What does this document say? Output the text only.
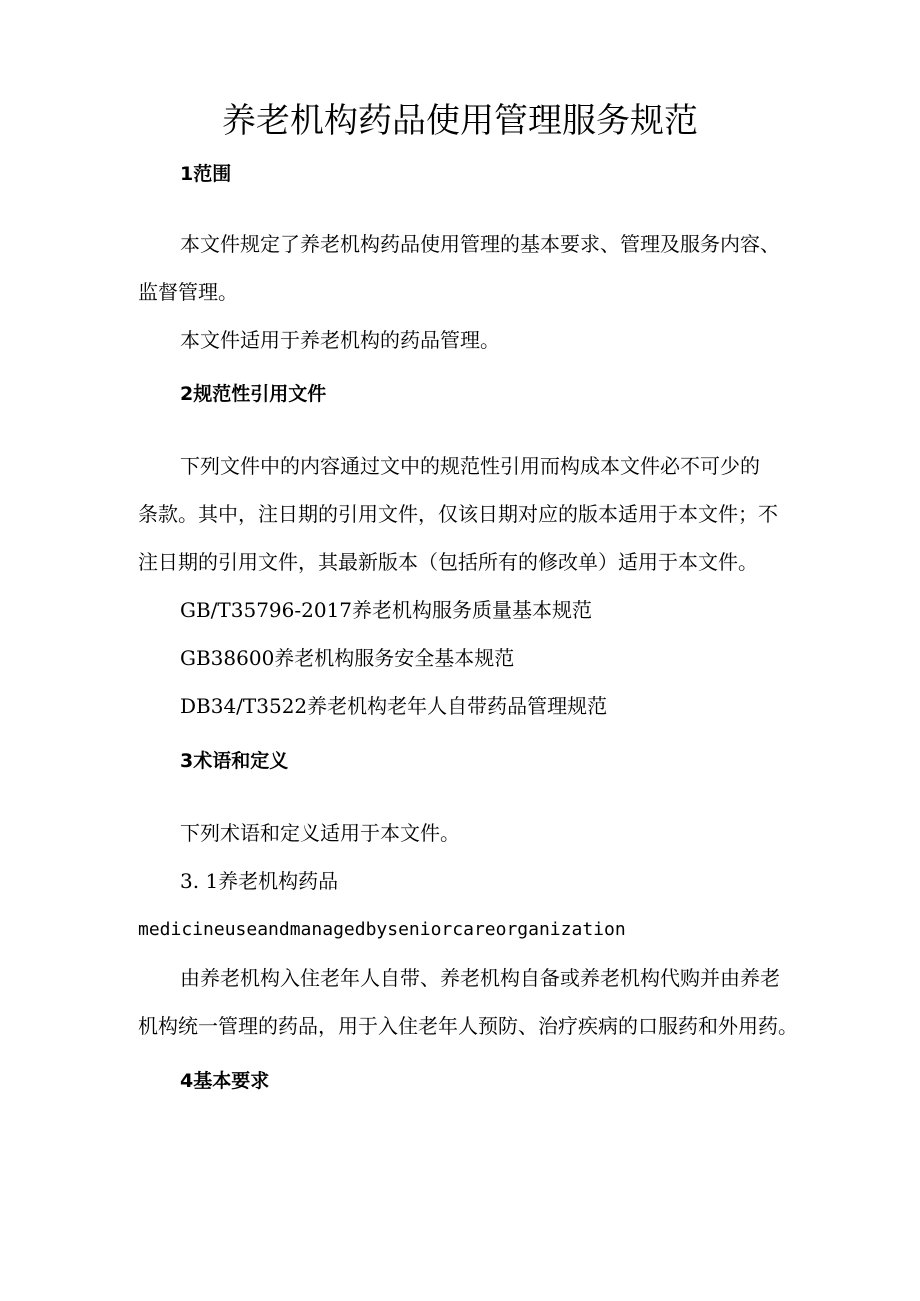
养老机构药品使用管理服务规范
1范围
本文件规定了养老机构药品使用管理的基本要求、管理及服务内容、
监督管理。
本文件适用于养老机构的药品管理。
2规范性引用文件
下列文件中的内容通过文中的规范性引用而构成本文件必不可少的
条款。其中，注日期的引用文件，仅该日期对应的版本适用于本文件；不
注日期的引用文件，其最新版本（包括所有的修改单）适用于本文件。
GB/T35796-2017养老机构服务质量基本规范
GB38600养老机构服务安全基本规范
DB34/T3522养老机构老年人自带药品管理规范
3术语和定义
下列术语和定义适用于本文件。
3. 1养老机构药品
medicineuseandmanagedbyseniorcareorganization
由养老机构入住老年人自带、养老机构自备或养老机构代购并由养老
机构统一管理的药品，用于入住老年人预防、治疗疾病的口服药和外用药。
4基本要求
